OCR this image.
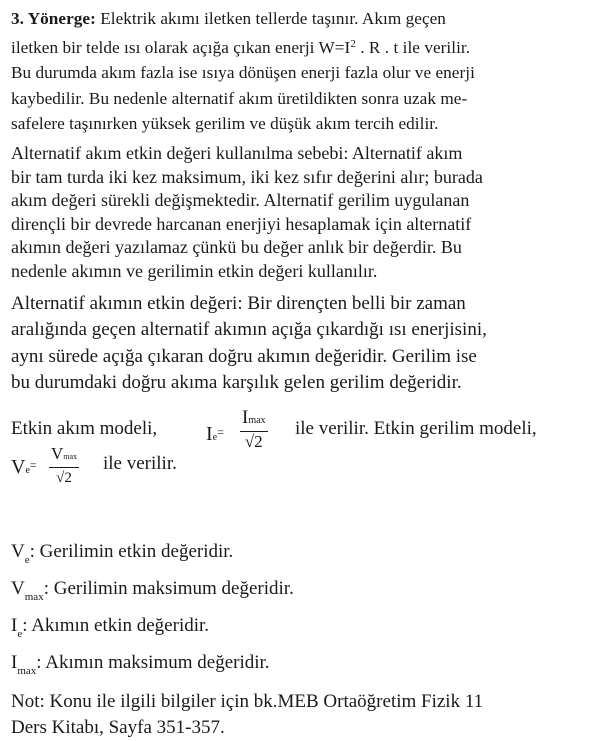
3. Yönerge: Elektrik akımı iletken tellerde taşınır. Akım geçen
iletken bir telde ısı olarak açığa çıkan enerji $W=I^2$ . R . t ile verilir.
Bu durumda akım fazla ise ısıya dönüşen enerji fazla olur ve enerji
kaybedilir. Bu nedenle alternatif akım üretildikten sonra uzak me-
safelere taşınırken yüksek gerilim ve düşük akım tercih edilir.
Alternatif akım etkin değeri kullanılma sebebi: Alternatif akım
bir tam turda iki kez maksimum, iki kez sıfır değerini alır; burada
akım değeri sürekli değişmektedir. Alternatif gerilim uygulanan
dirençli bir devrede harcanan enerjiyi hesaplamak için alternatif
akımın değeri yazılamaz çünkü bu değer anlık bir değerdir. Bu
nedenle akımın ve gerilimin etkin değeri kullanılır.
Alternatif akımın etkin değeri: Bir dirençten belli bir zaman
aralığında geçen alternatif akımın açığa çıkardığı ısı enerjisini,
aynı sürede açığa çıkaran doğru akımın değeridir. Gerilim ise
bu durumdaki doğru akıma karşılık gelen gerilim değeridir.
Etkin akım modeli, Ie=
Imax
√2
ile verilir. Etkin gerilim modeli,
Ve=
Vmax
√2
ile verilir.
$V_e$: Gerilimin etkin değeridir.
$V_{max}$: Gerilimin maksimum değeridir.
$I_e$: Akımın etkin değeridir.
$I_{max}$: Akımın maksimum değeridir.
Not: Konu ile ilgili bilgiler için bk.MEB Ortaöğretim Fizik 11
Ders Kitabı, Sayfa 351-357.
